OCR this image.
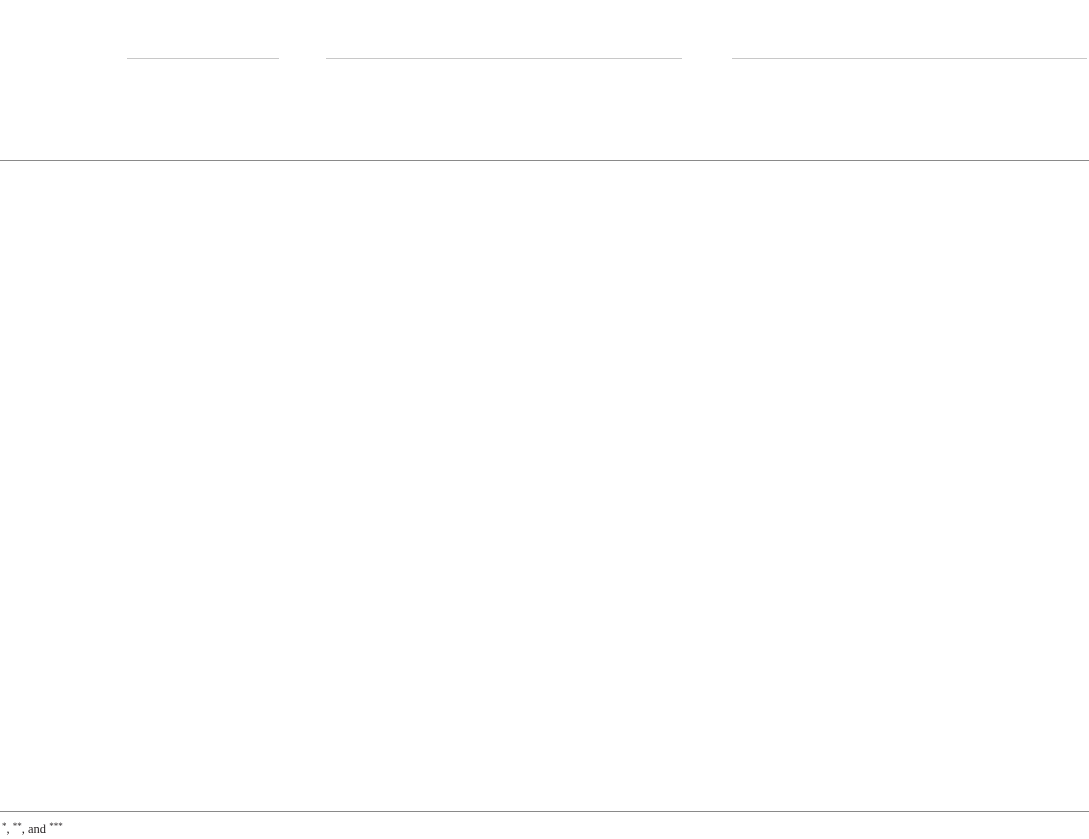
*, **, and ***
